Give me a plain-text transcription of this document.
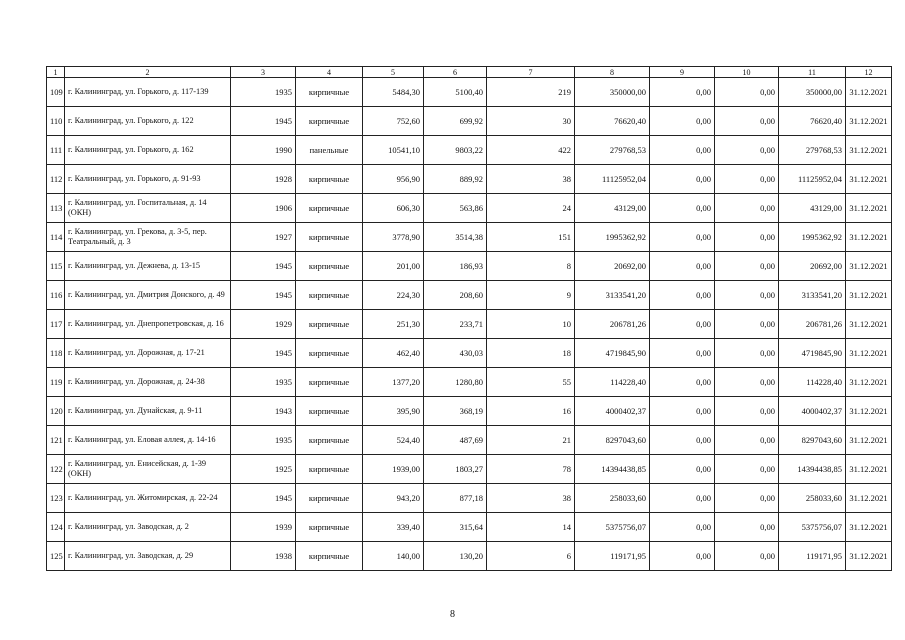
1	2	3	4	5	6	7	8	9	10	11	12
109	г. Калининград, ул. Горького, д. 117-139	1935	кирпичные	5484,30	5100,40	219	350000,00	0,00	0,00	350000,00	31.12.2021
110	г. Калининград, ул. Горького, д. 122	1945	кирпичные	752,60	699,92	30	76620,40	0,00	0,00	76620,40	31.12.2021
111	г. Калининград, ул. Горького, д. 162	1990	панельные	10541,10	9803,22	422	279768,53	0,00	0,00	279768,53	31.12.2021
112	г. Калининград, ул. Горького, д. 91-93	1928	кирпичные	956,90	889,92	38	11125952,04	0,00	0,00	11125952,04	31.12.2021
113	г. Калининград, ул. Госпитальная, д. 14 (ОКН)	1906	кирпичные	606,30	563,86	24	43129,00	0,00	0,00	43129,00	31.12.2021
114	г. Калининград, ул. Грекова, д. 3-5, пер. Театральный, д. 3	1927	кирпичные	3778,90	3514,38	151	1995362,92	0,00	0,00	1995362,92	31.12.2021
115	г. Калининград, ул. Дежнева, д. 13-15	1945	кирпичные	201,00	186,93	8	20692,00	0,00	0,00	20692,00	31.12.2021
116	г. Калининград, ул. Дмитрия Донского, д. 49	1945	кирпичные	224,30	208,60	9	3133541,20	0,00	0,00	3133541,20	31.12.2021
117	г. Калининград, ул. Днепропетровская, д. 16	1929	кирпичные	251,30	233,71	10	206781,26	0,00	0,00	206781,26	31.12.2021
118	г. Калининград, ул. Дорожная, д. 17-21	1945	кирпичные	462,40	430,03	18	4719845,90	0,00	0,00	4719845,90	31.12.2021
119	г. Калининград, ул. Дорожная, д. 24-38	1935	кирпичные	1377,20	1280,80	55	114228,40	0,00	0,00	114228,40	31.12.2021
120	г. Калининград, ул. Дунайская, д. 9-11	1943	кирпичные	395,90	368,19	16	4000402,37	0,00	0,00	4000402,37	31.12.2021
121	г. Калининград, ул. Еловая аллея, д. 14-16	1935	кирпичные	524,40	487,69	21	8297043,60	0,00	0,00	8297043,60	31.12.2021
122	г. Калининград, ул. Енисейская, д. 1-39 (ОКН)	1925	кирпичные	1939,00	1803,27	78	14394438,85	0,00	0,00	14394438,85	31.12.2021
123	г. Калининград, ул. Житомирская, д. 22-24	1945	кирпичные	943,20	877,18	38	258033,60	0,00	0,00	258033,60	31.12.2021
124	г. Калининград, ул. Заводская, д. 2	1939	кирпичные	339,40	315,64	14	5375756,07	0,00	0,00	5375756,07	31.12.2021
125	г. Калининград, ул. Заводская, д. 29	1938	кирпичные	140,00	130,20	6	119171,95	0,00	0,00	119171,95	31.12.2021
8
